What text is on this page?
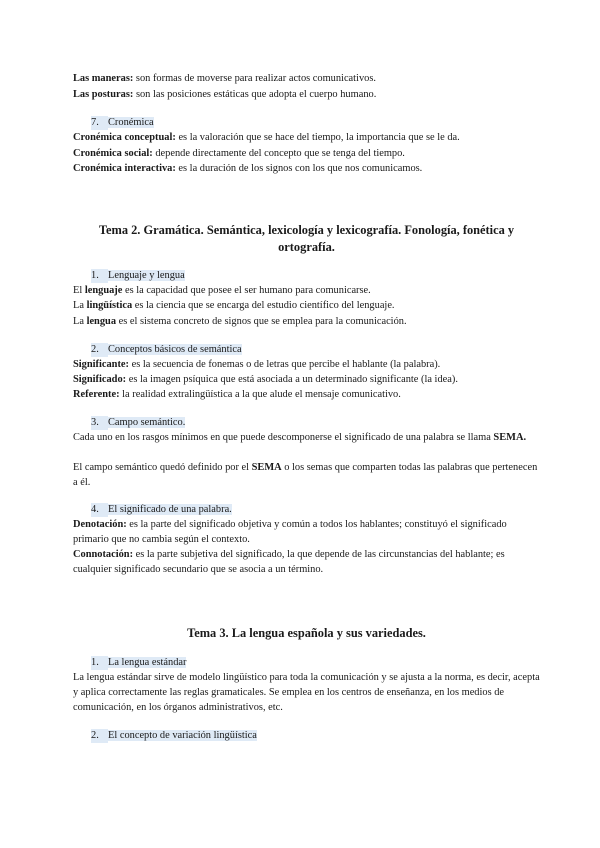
Las maneras: son formas de moverse para realizar actos comunicativos.
Las posturas: son las posiciones estáticas que adopta el cuerpo humano.
7. Cronémica
Cronémica conceptual: es la valoración que se hace del tiempo, la importancia que se le da.
Cronémica social: depende directamente del concepto que se tenga del tiempo.
Cronémica interactiva: es la duración de los signos con los que nos comunicamos.
Tema 2. Gramática. Semántica, lexicología y lexicografía. Fonología, fonética y
ortografía.
1. Lenguaje y lengua
El lenguaje es la capacidad que posee el ser humano para comunicarse.
La lingüística es la ciencia que se encarga del estudio científico del lenguaje.
La lengua es el sistema concreto de signos que se emplea para la comunicación.
2. Conceptos básicos de semántica
Significante: es la secuencia de fonemas o de letras que percibe el hablante (la palabra).
Significado: es la imagen psíquica que está asociada a un determinado significante (la idea).
Referente: la realidad extralingüística a la que alude el mensaje comunicativo.
3. Campo semántico.
Cada uno en los rasgos mínimos en que puede descomponerse el significado de una palabra se llama SEMA.
El campo semántico quedó definido por el SEMA o los semas que comparten todas las palabras que pertenecen a él.
4. El significado de una palabra.
Denotación: es la parte del significado objetiva y común a todos los hablantes; constituyó el significado primario que no cambia según el contexto.
Connotación: es la parte subjetiva del significado, la que depende de las circunstancias del hablante; es cualquier significado secundario que se asocia a un término.
Tema 3. La lengua española y sus variedades.
1. La lengua estándar
La lengua estándar sirve de modelo lingüístico para toda la comunicación y se ajusta a la norma, es decir, acepta y aplica correctamente las reglas gramaticales. Se emplea en los centros de enseñanza, en los medios de comunicación, en los órganos administrativos, etc.
2. El concepto de variación lingüística
